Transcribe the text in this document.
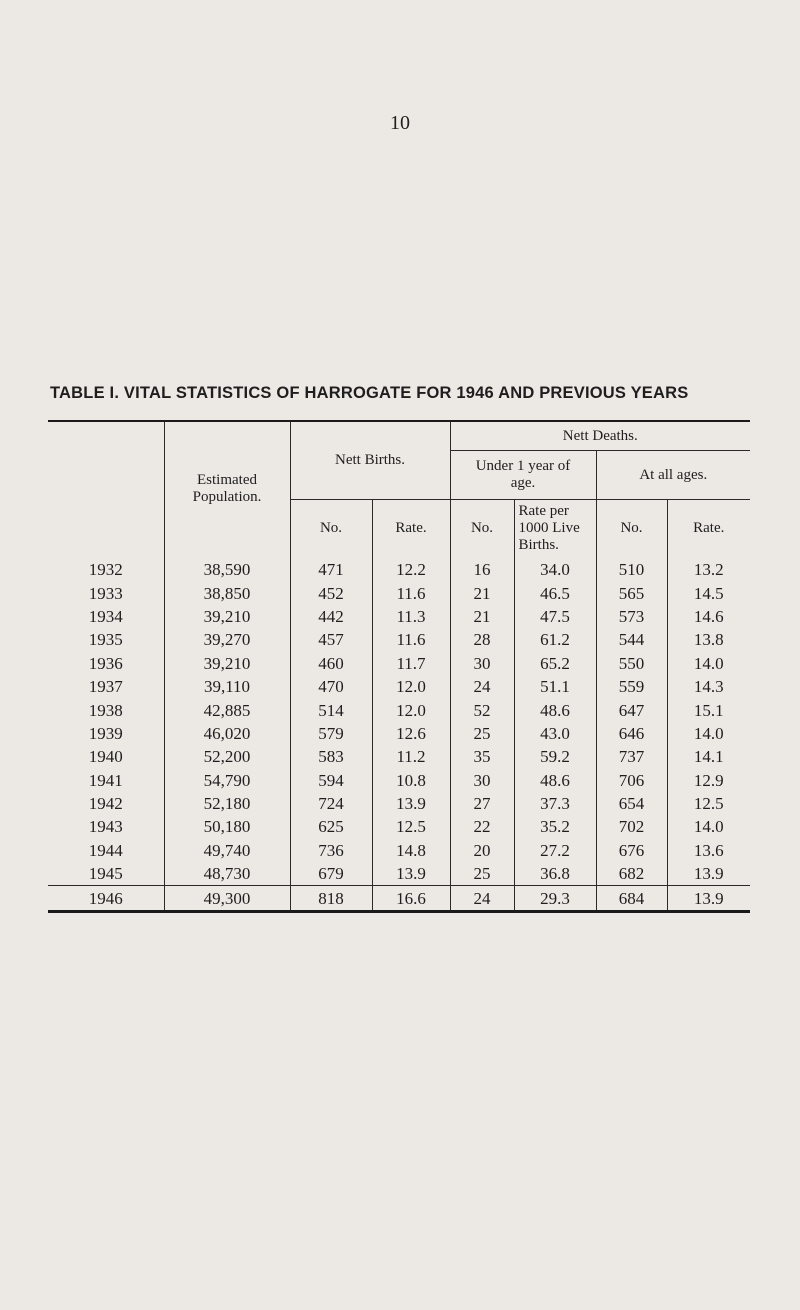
10
TABLE I. VITAL STATISTICS OF HARROGATE FOR 1946 AND PREVIOUS YEARS
	Estimated Population.	Nett Births.		Nett Deaths.			
				Under 1 year of age.		At all ages.	
		No.	Rate.	No.	Rate per 1000 Live Births.	No.	Rate.
1932	38,590	471	12.2	16	34.0	510	13.2
1933	38,850	452	11.6	21	46.5	565	14.5
1934	39,210	442	11.3	21	47.5	573	14.6
1935	39,270	457	11.6	28	61.2	544	13.8
1936	39,210	460	11.7	30	65.2	550	14.0
1937	39,110	470	12.0	24	51.1	559	14.3
1938	42,885	514	12.0	52	48.6	647	15.1
1939	46,020	579	12.6	25	43.0	646	14.0
1940	52,200	583	11.2	35	59.2	737	14.1
1941	54,790	594	10.8	30	48.6	706	12.9
1942	52,180	724	13.9	27	37.3	654	12.5
1943	50,180	625	12.5	22	35.2	702	14.0
1944	49,740	736	14.8	20	27.2	676	13.6
1945	48,730	679	13.9	25	36.8	682	13.9
1946	49,300	818	16.6	24	29.3	684	13.9
